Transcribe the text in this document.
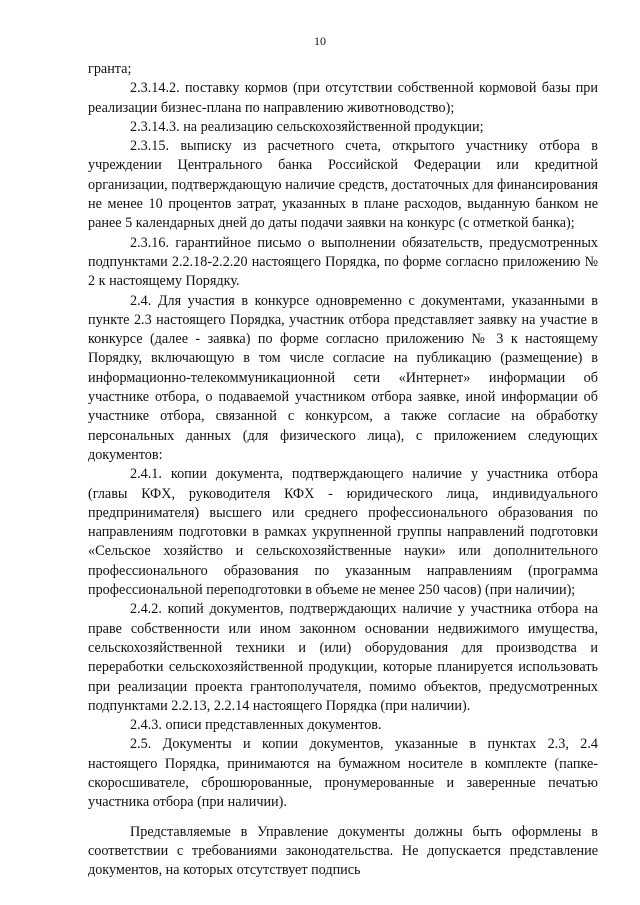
10

гранта;

2.3.14.2. поставку кормов (при отсутствии собственной кормовой базы при реализации бизнес-плана по направлению животноводство);

2.3.14.3. на реализацию сельскохозяйственной продукции;

2.3.15. выписку из расчетного счета, открытого участнику отбора в учреждении Центрального банка Российской Федерации или кредитной организации, подтверждающую наличие средств, достаточных для финансирования не менее 10 процентов затрат, указанных в плане расходов, выданную банком не ранее 5 календарных дней до даты подачи заявки на конкурс (с отметкой банка);

2.3.16. гарантийное письмо о выполнении обязательств, предусмотренных подпунктами 2.2.18-2.2.20 настоящего Порядка, по форме согласно приложению № 2 к настоящему Порядку.

2.4. Для участия в конкурсе одновременно с документами, указанными в пункте 2.3 настоящего Порядка, участник отбора представляет заявку на участие в конкурсе (далее - заявка) по форме согласно приложению № 3 к настоящему Порядку, включающую в том числе согласие на публикацию (размещение) в информационно-телекоммуникационной сети «Интернет» информации об участнике отбора, о подаваемой участником отбора заявке, иной информации об участнике отбора, связанной с конкурсом, а также согласие на обработку персональных данных (для физического лица), с приложением следующих документов:

2.4.1. копии документа, подтверждающего наличие у участника отбора (главы КФХ, руководителя КФХ - юридического лица, индивидуального предпринимателя) высшего или среднего профессионального образования по направлениям подготовки в рамках укрупненной группы направлений подготовки «Сельское хозяйство и сельскохозяйственные науки» или дополнительного профессионального образования по указанным направлениям (программа профессиональной переподготовки в объеме не менее 250 часов) (при наличии);

2.4.2. копий документов, подтверждающих наличие у участника отбора на праве собственности или ином законном основании недвижимого имущества, сельскохозяйственной техники и (или) оборудования для производства и переработки сельскохозяйственной продукции, которые планируется использовать при реализации проекта грантополучателя, помимо объектов, предусмотренных подпунктами 2.2.13, 2.2.14 настоящего Порядка (при наличии).

2.4.3. описи представленных документов.

2.5. Документы и копии документов, указанные в пунктах 2.3, 2.4 настоящего Порядка, принимаются на бумажном носителе в комплекте (папке-скоросшивателе, сброшюрованные, пронумерованные и заверенные печатью участника отбора (при наличии).

Представляемые в Управление документы должны быть оформлены в соответствии с требованиями законодательства. Не допускается представление документов, на которых отсутствует подпись
